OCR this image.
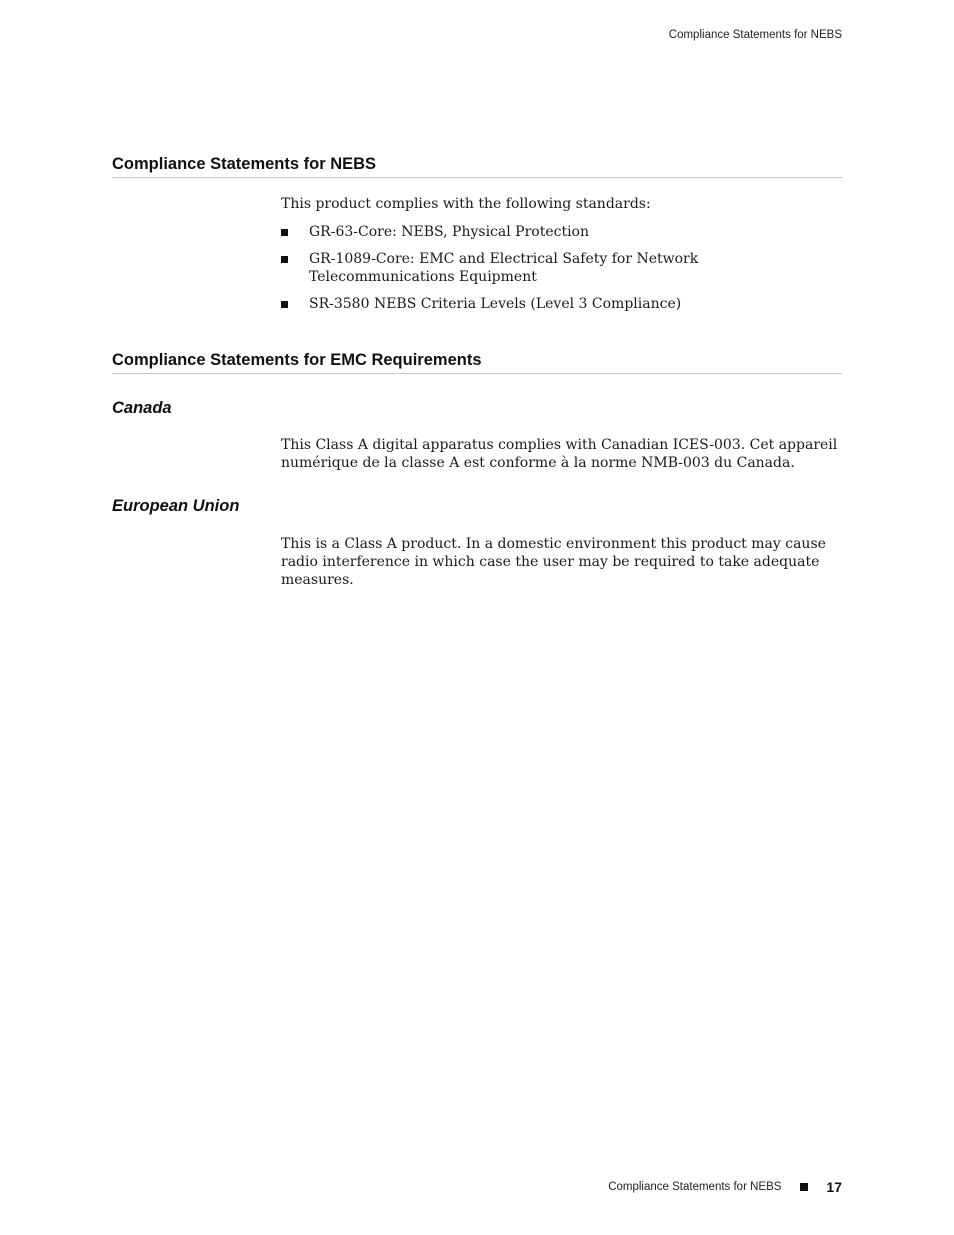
Compliance Statements for NEBS
Compliance Statements for NEBS

This product complies with the following standards:

GR-63-Core: NEBS, Physical Protection
GR-1089-Core: EMC and Electrical Safety for Network Telecommunications Equipment
SR-3580 NEBS Criteria Levels (Level 3 Compliance)
Compliance Statements for EMC Requirements
Canada

This Class A digital apparatus complies with Canadian ICES-003. Cet appareil numérique de la classe A est conforme à la norme NMB-003 du Canada.

European Union

This is a Class A product. In a domestic environment this product may cause radio interference in which case the user may be required to take adequate measures.

Compliance Statements for NEBS	17
